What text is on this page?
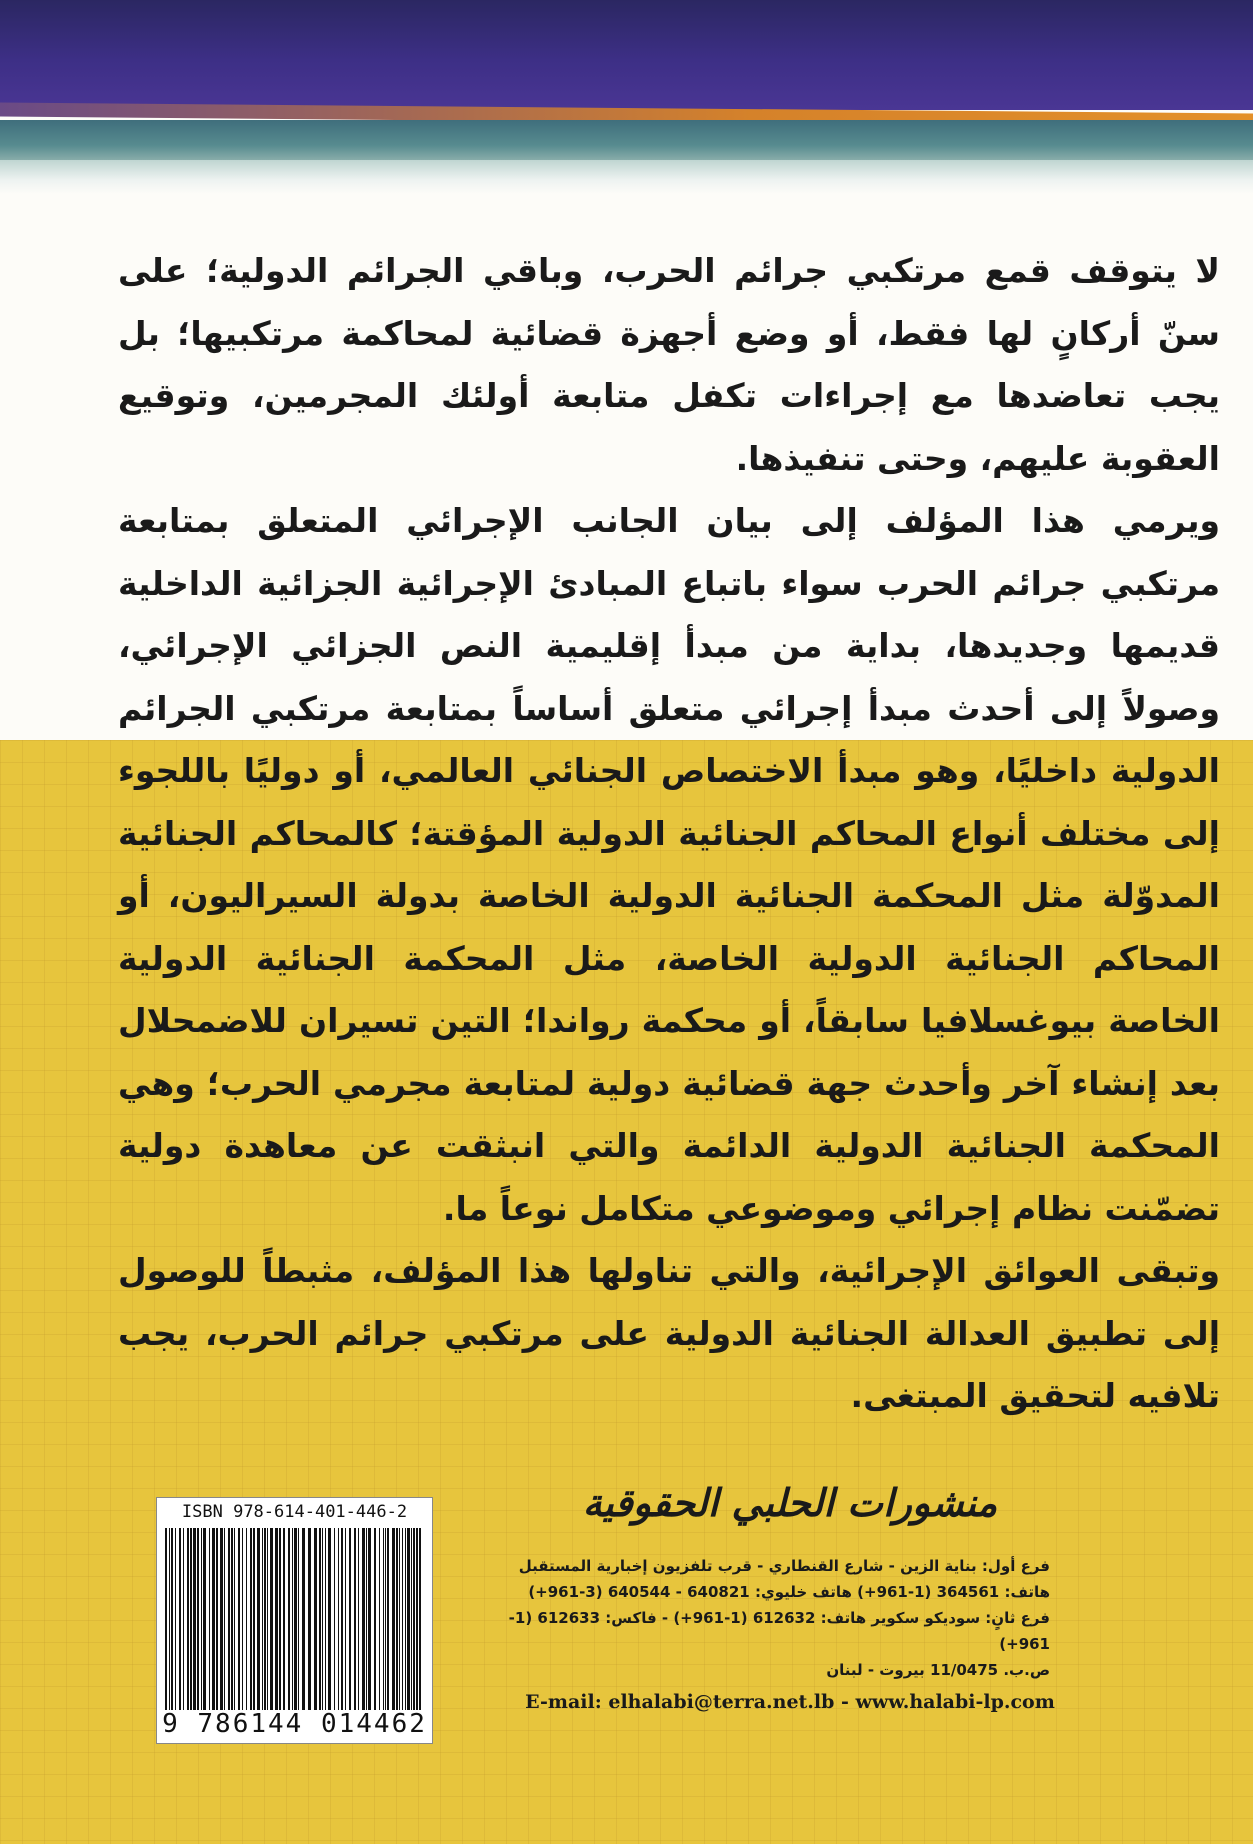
لا يتوقف قمع مرتكبي جرائم الحرب، وباقي الجرائم الدولية؛ على سنّ أركانٍ لها فقط، أو وضع أجهزة قضائية لمحاكمة مرتكبيها؛ بل يجب تعاضدها مع إجراءات تكفل متابعة أولئك المجرمين، وتوقيع العقوبة عليهم، وحتى تنفيذها.

ويرمي هذا المؤلف إلى بيان الجانب الإجرائي المتعلق بمتابعة مرتكبي جرائم الحرب سواء باتباع المبادئ الإجرائية الجزائية الداخلية قديمها وجديدها، بداية من مبدأ إقليمية النص الجزائي الإجرائي، وصولاً إلى أحدث مبدأ إجرائي متعلق أساساً بمتابعة مرتكبي الجرائم الدولية داخليًا، وهو مبدأ الاختصاص الجنائي العالمي، أو دوليًا باللجوء إلى مختلف أنواع المحاكم الجنائية الدولية المؤقتة؛ كالمحاكم الجنائية المدوّلة مثل المحكمة الجنائية الدولية الخاصة بدولة السيراليون، أو المحاكم الجنائية الدولية الخاصة، مثل المحكمة الجنائية الدولية الخاصة بيوغسلافيا سابقاً، أو محكمة رواندا؛ التين تسيران للاضمحلال بعد إنشاء آخر وأحدث جهة قضائية دولية لمتابعة مجرمي الحرب؛ وهي المحكمة الجنائية الدولية الدائمة والتي انبثقت عن معاهدة دولية تضمّنت نظام إجرائي وموضوعي متكامل نوعاً ما.

وتبقى العوائق الإجرائية، والتي تناولها هذا المؤلف، مثبطاً للوصول إلى تطبيق العدالة الجنائية الدولية على مرتكبي جرائم الحرب، يجب تلافيه لتحقيق المبتغى.

ISBN 978-614-401-446-2
9 786144 014462
منشورات الحلبي الحقوقية
فرع أول: بناية الزين - شارع القنطاري - قرب تلفزيون إخبارية المستقبل
هاتف: 364561 (1-961+) هاتف خليوي: 640821 - 640544 (3-961+)
فرع ثانٍ: سوديكو سكوير هاتف: 612632 (1-961+) - فاكس: 612633 (1-961+)
ص.ب. 11/0475 بيروت - لبنان
E-mail: elhalabi@terra.net.lb - www.halabi-lp.com
